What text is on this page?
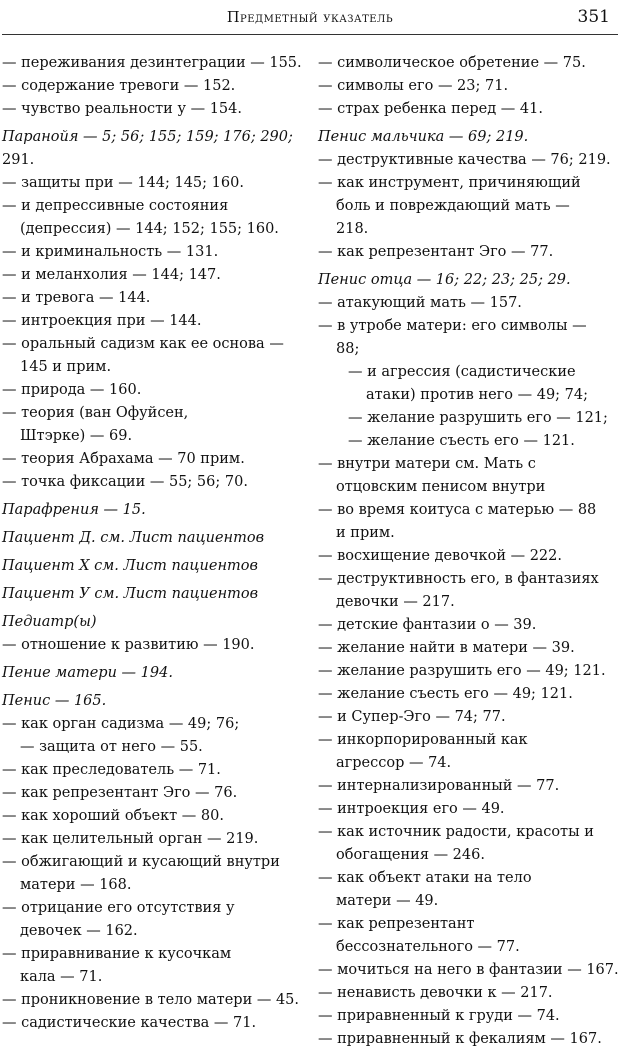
Предметный указатель	351
— переживания дезинтеграции — 155.
— содержание тревоги — 152.
— чувство реальности у — 154.
Паранойя — 5; 56; 155; 159; 176; 290;
291.
— защиты при — 144; 145; 160.
— и депрессивные состояния
(депрессия) — 144; 152; 155; 160.
— и криминальность — 131.
— и меланхолия — 144; 147.
— и тревога — 144.
— интроекция при — 144.
— оральный садизм как ее основа —
145 и прим.
— природа — 160.
— теория (ван Офуйсен,
Штэрке) — 69.
— теория Абрахама — 70 прим.
— точка фиксации — 55; 56; 70.
Парафрения — 15.
Пациент Д. см. Лист пациентов
Пациент Х см. Лист пациентов
Пациент У см. Лист пациентов
Педиатр(ы)
— отношение к развитию — 190.
Пение матери — 194.
Пенис — 165.
— как орган садизма — 49; 76;
— защита от него — 55.
— как преследователь — 71.
— как репрезентант Эго — 76.
— как хороший объект — 80.
— как целительный орган — 219.
— обжигающий и кусающий внутри
матери — 168.
— отрицание его отсутствия у
девочек — 162.
— приравнивание к кусочкам
кала — 71.
— проникновение в тело матери — 45.
— садистические качества — 71.
— символическое обретение — 75.
— символы его — 23; 71.
— страх ребенка перед — 41.
Пенис мальчика — 69; 219.
— деструктивные качества — 76; 219.
— как инструмент, причиняющий
боль и повреждающий мать —
218.
— как репрезентант Эго — 77.
Пенис отца — 16; 22; 23; 25; 29.
— атакующий мать — 157.
— в утробе матери: его символы —
88;
— и агрессия (садистические
атаки) против него — 49; 74;
— желание разрушить его — 121;
— желание съесть его — 121.
— внутри матери см. Мать с
отцовским пенисом внутри
— во время коитуса с матерью — 88
и прим.
— восхищение девочкой — 222.
— деструктивность его, в фантазиях
девочки — 217.
— детские фантазии о — 39.
— желание найти в матери — 39.
— желание разрушить его — 49; 121.
— желание съесть его — 49; 121.
— и Супер-Эго — 74; 77.
— инкорпорированный как
агрессор — 74.
— интернализированный — 77.
— интроекция его — 49.
— как источник радости, красоты и
обогащения — 246.
— как объект атаки на тело
матери — 49.
— как репрезентант
бессознательного — 77.
— мочиться на него в фантазии — 167.
— ненависть девочки к — 217.
— приравненный к груди — 74.
— приравненный к фекалиям — 167.
